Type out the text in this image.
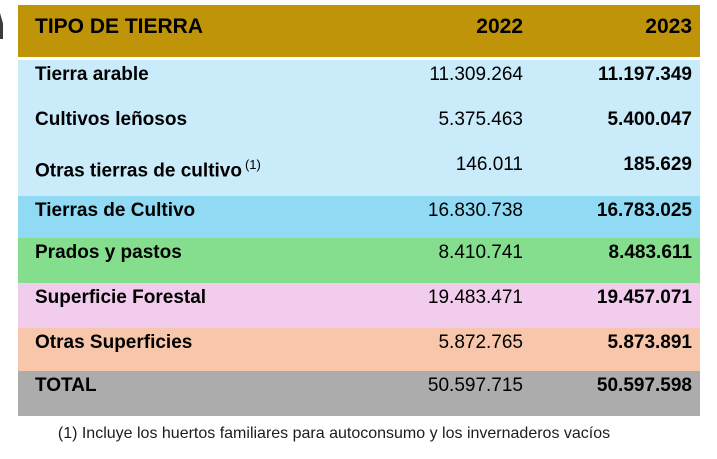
TIPO DE TIERRA	2022	2023
Tierra arable	11.309.264	11.197.349
Cultivos leñosos	5.375.463	5.400.047
Otras tierras de cultivo $^{(1)}$	146.011	185.629
Tierras de Cultivo	16.830.738	16.783.025
Prados y pastos	8.410.741	8.483.611
Superficie Forestal	19.483.471	19.457.071
Otras Superficies	5.872.765	5.873.891
TOTAL	50.597.715	50.597.598
(1) Incluye los huertos familiares para autoconsumo y los invernaderos vacíos
